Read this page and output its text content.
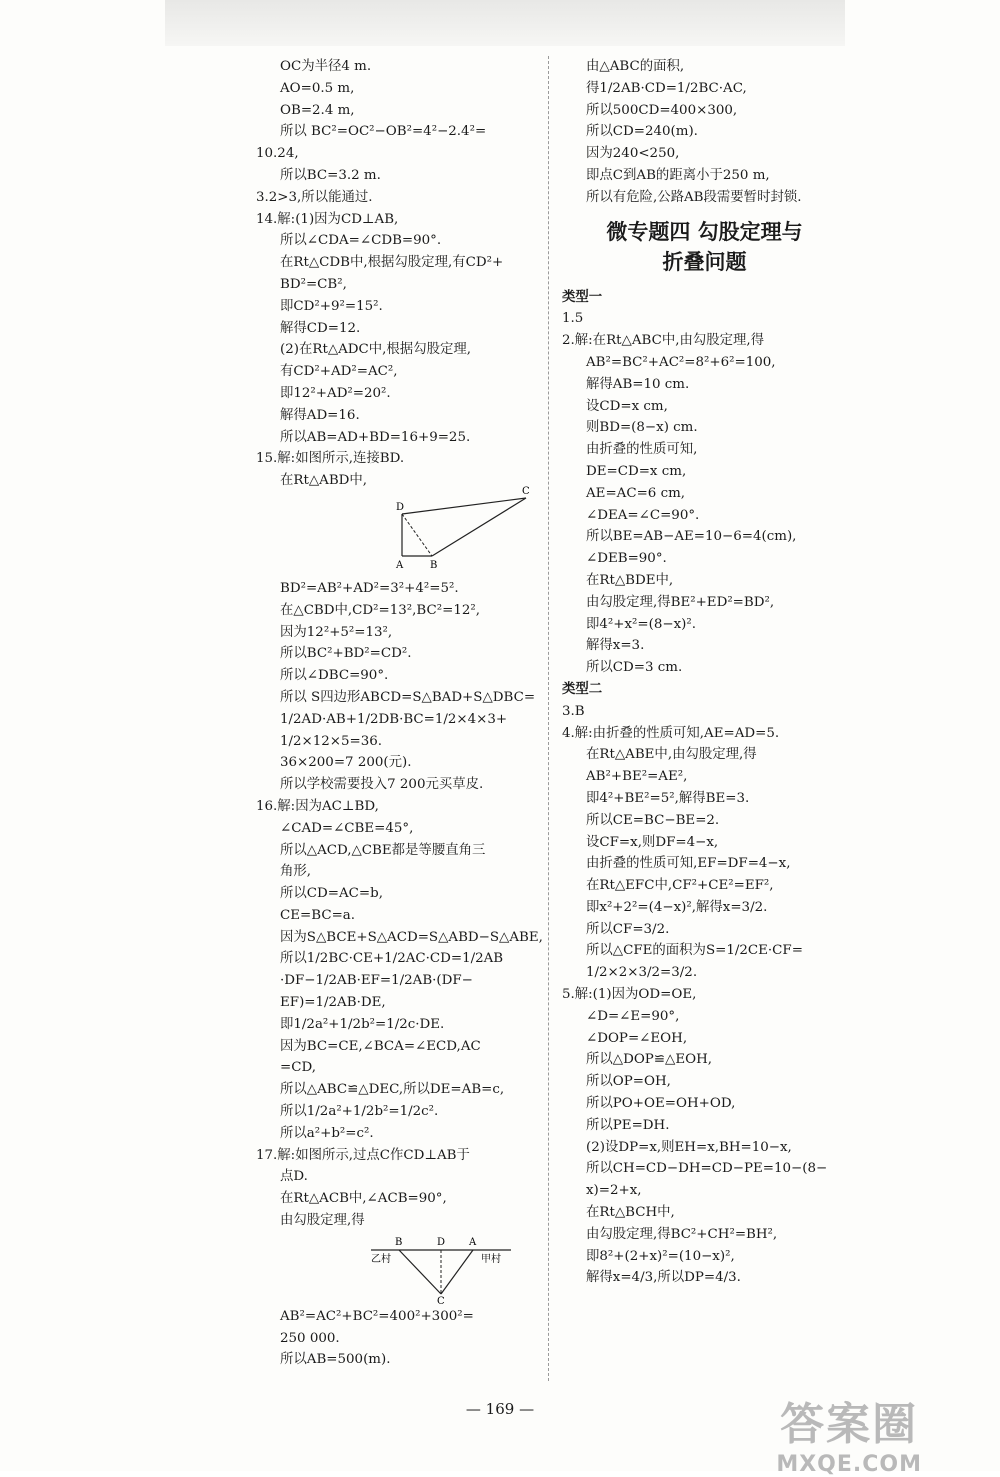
OC为半径4 m.
AO=0.5 m,
OB=2.4 m,
所以 BC²=OC²−OB²=4²−2.4²=
10.24,
所以BC=3.2 m.
3.2>3,所以能通过.
14.解:(1)因为CD⊥AB,
所以∠CDA=∠CDB=90°.
在Rt△CDB中,根据勾股定理,有CD²+
BD²=CB²,
即CD²+9²=15².
解得CD=12.
(2)在Rt△ADC中,根据勾股定理,
有CD²+AD²=AC²,
即12²+AD²=20².
解得AD=16.
所以AB=AD+BD=16+9=25.
15.解:如图所示,连接BD.
在Rt△ABD中,
D
C
A	B
BD²=AB²+AD²=3²+4²=5².
在△CBD中,CD²=13²,BC²=12²,
因为12²+5²=13²,
所以BC²+BD²=CD².
所以∠DBC=90°.
所以 S四边形ABCD=S△BAD+S△DBC=
1/2AD·AB+1/2DB·BC=1/2×4×3+
1/2×12×5=36.
36×200=7 200(元).
所以学校需要投入7 200元买草皮.
16.解:因为AC⊥BD,
∠CAD=∠CBE=45°,
所以△ACD,△CBE都是等腰直角三
角形,
所以CD=AC=b,
CE=BC=a.
因为S△BCE+S△ACD=S△ABD−S△ABE,
所以1/2BC·CE+1/2AC·CD=1/2AB
·DF−1/2AB·EF=1/2AB·(DF−
EF)=1/2AB·DE,
即1/2a²+1/2b²=1/2c·DE.
因为BC=CE,∠BCA=∠ECD,AC
=CD,
所以△ABC≌△DEC,所以DE=AB=c,
所以1/2a²+1/2b²=1/2c².
所以a²+b²=c².
17.解:如图所示,过点C作CD⊥AB于
点D.
在Rt△ACB中,∠ACB=90°,
由勾股定理,得
B	D A
C
乙村	甲村
AB²=AC²+BC²=400²+300²=
250 000.
所以AB=500(m).
由△ABC的面积,
得1/2AB·CD=1/2BC·AC,
所以500CD=400×300,
所以CD=240(m).
因为240<250,
即点C到AB的距离小于250 m,
所以有危险,公路AB段需要暂时封锁.
微专题四 勾股定理与
折叠问题
类型一
1.5
2.解:在Rt△ABC中,由勾股定理,得
AB²=BC²+AC²=8²+6²=100,
解得AB=10 cm.
设CD=x cm,
则BD=(8−x) cm.
由折叠的性质可知,
DE=CD=x cm,
AE=AC=6 cm,
∠DEA=∠C=90°.
所以BE=AB−AE=10−6=4(cm),
∠DEB=90°.
在Rt△BDE中,
由勾股定理,得BE²+ED²=BD²,
即4²+x²=(8−x)².
解得x=3.
所以CD=3 cm.
类型二
3.B
4.解:由折叠的性质可知,AE=AD=5.
在Rt△ABE中,由勾股定理,得
AB²+BE²=AE²,
即4²+BE²=5²,解得BE=3.
所以CE=BC−BE=2.
设CF=x,则DF=4−x,
由折叠的性质可知,EF=DF=4−x,
在Rt△EFC中,CF²+CE²=EF²,
即x²+2²=(4−x)²,解得x=3/2.
所以CF=3/2.
所以△CFE的面积为S=1/2CE·CF=
1/2×2×3/2=3/2.
5.解:(1)因为OD=OE,
∠D=∠E=90°,
∠DOP=∠EOH,
所以△DOP≌△EOH,
所以OP=OH,
所以PO+OE=OH+OD,
所以PE=DH.
(2)设DP=x,则EH=x,BH=10−x,
所以CH=CD−DH=CD−PE=10−(8−
x)=2+x,
在Rt△BCH中,
由勾股定理,得BC²+CH²=BH²,
即8²+(2+x)²=(10−x)²,
解得x=4/3,所以DP=4/3.
— 169 —	答案圈
MXQE.COM
